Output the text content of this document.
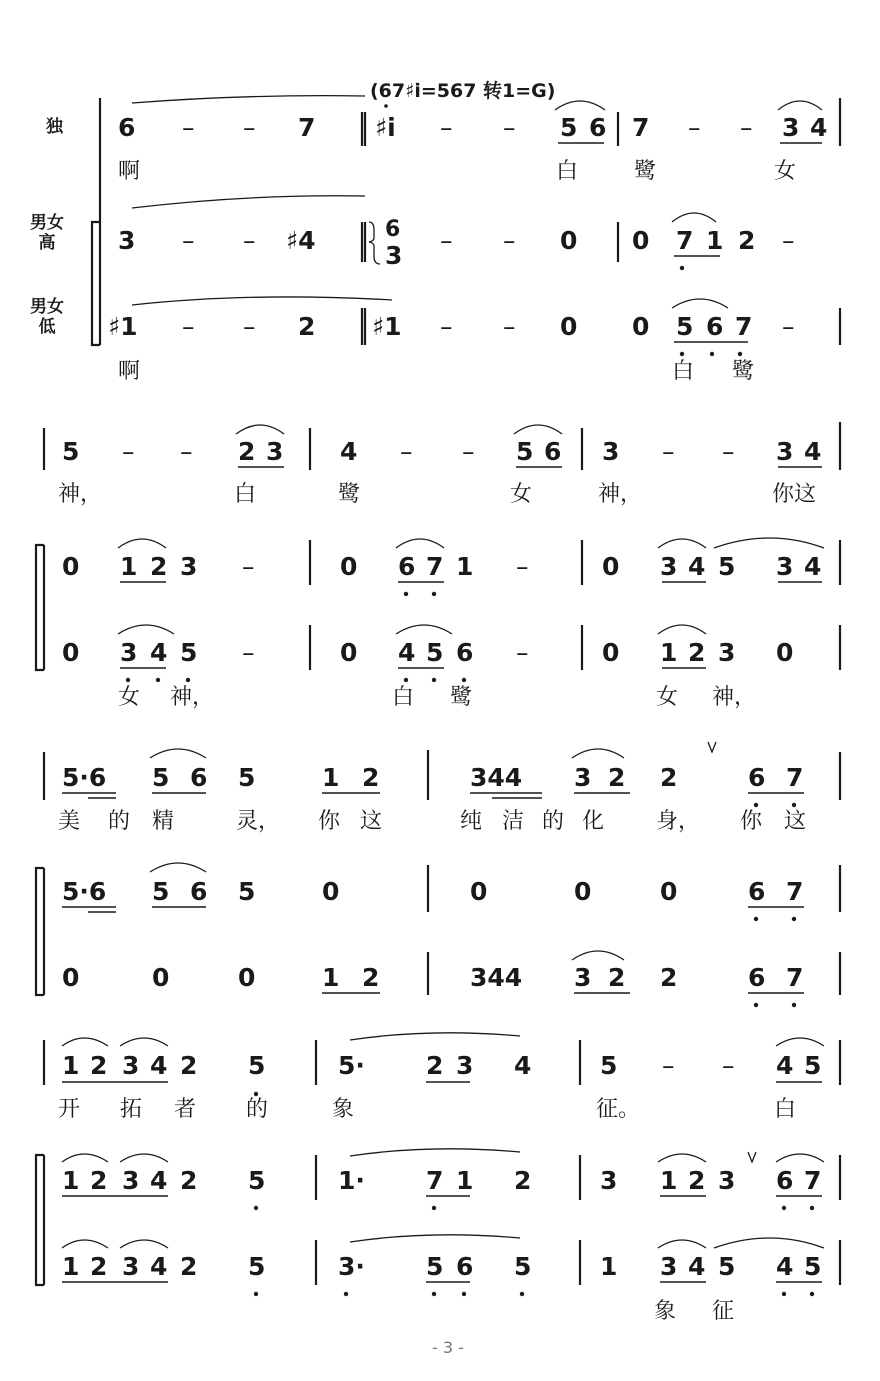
(67♯i̇=567 转1=G)
独
男女
高
男女
低
6 – – 7 ♯i – – 5 6 7 – – 3 4
3 – – ♯4	6
3
– – 0 0 7 1 2 –
♯1 – – 2 ♯1 – – 0 0 5 6 7 –
啊	白	鹭	女
啊	白 鹭
5 – – 2 3 4 – – 5 6 3 – – 3 4
0 1 2 3 –	0 6 7 1 –	0 3 4 5 3 4
0 3 4 5 –	0 4 5 6 –	0 1 2 3 0
神，	白	鹭	女	神，	你这
女 神，	白 鹭	女 神，
5·6 5 6 5	1 2	344 3 2 2	6 7
5·6 5 6 5	0	0	0	0	6 7
0	0	0	1 2	344 3 2 2	6 7
美 的 精	灵， 你 这	纯 洁 的 化 身， 你 这
1 2 3 4 2 5	5· 2 3 4	5 – – 4 5
1 2 3 4 2 5	1· 7 1 2	3 1 2 3 6 7
1 2 3 4 2 5	3· 5 6 5	1 3 4 5 4 5
开 拓 者 的	象	征。	白
象 征
- 3 -
